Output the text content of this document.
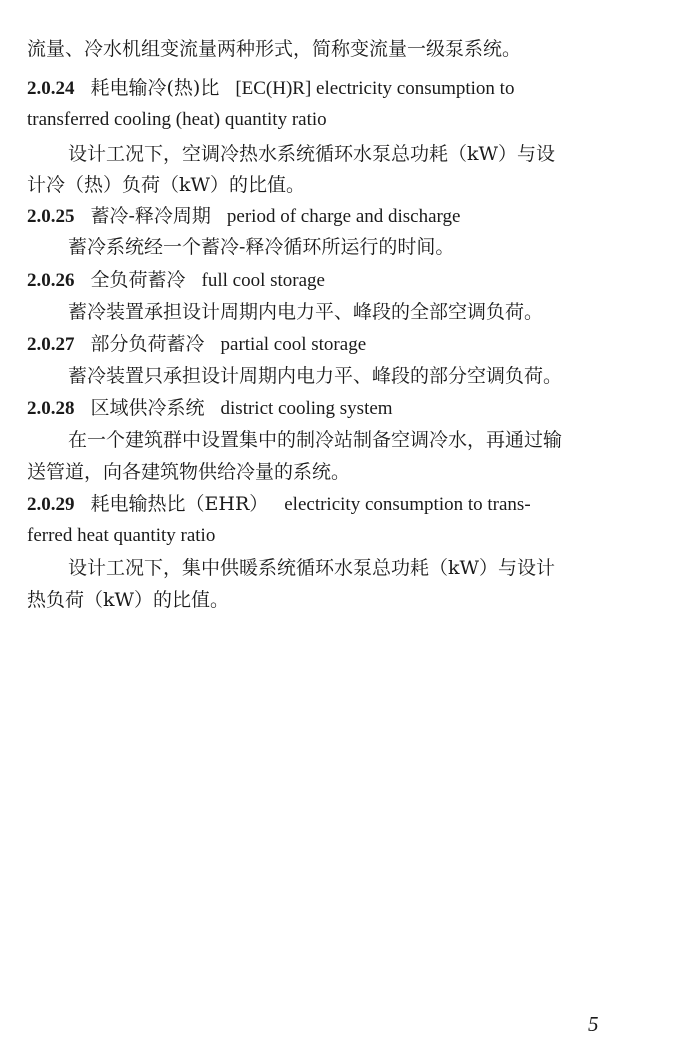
流量、冷水机组变流量两种形式，简称变流量一级泵系统。
2.0.24 耗电输冷(热)比 [EC(H)R] electricity consumption to
transferred cooling (heat) quantity ratio
设计工况下，空调冷热水系统循环水泵总功耗（kW）与设
计冷（热）负荷（kW）的比值。
2.0.25 蓄冷-释冷周期 period of charge and discharge
蓄冷系统经一个蓄冷-释冷循环所运行的时间。
2.0.26 全负荷蓄冷 full cool storage
蓄冷装置承担设计周期内电力平、峰段的全部空调负荷。
2.0.27 部分负荷蓄冷 partial cool storage
蓄冷装置只承担设计周期内电力平、峰段的部分空调负荷。
2.0.28 区域供冷系统 district cooling system
在一个建筑群中设置集中的制冷站制备空调冷水，再通过输
送管道，向各建筑物供给冷量的系统。
2.0.29 耗电输热比（EHR） electricity consumption to trans-
ferred heat quantity ratio
设计工况下，集中供暖系统循环水泵总功耗（kW）与设计
热负荷（kW）的比值。
5
